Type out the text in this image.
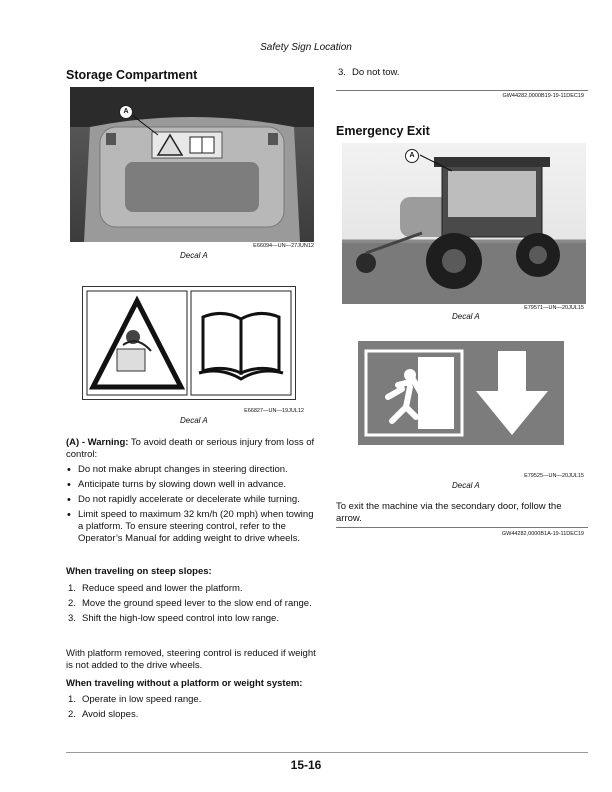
Safety Sign Location
Storage Compartment
A
E66094—UN—27JUN12
Decal A
E66827—UN—19JUL12
Decal A
(A) - Warning: To avoid death or serious injury from loss of control:
• Do not make abrupt changes in steering direction.
• Anticipate turns by slowing down well in advance.
• Do not rapidly accelerate or decelerate while turning.
• Limit speed to maximum 32 km/h (20 mph) when towing a platform. To ensure steering control, refer to the Operator’s Manual for adding weight to drive wheels.
When traveling on steep slopes:
1. Reduce speed and lower the platform.
2. Move the ground speed lever to the slow end of range.
3. Shift the high-low speed control into low range.
With platform removed, steering control is reduced if weight is not added to the drive wheels.
When traveling without a platform or weight system:
1. Operate in low speed range.
2. Avoid slopes.
3. Do not tow.
GW44282,0000B19-19-11DEC19
Emergency Exit
A
E79571—UN—20JUL15
Decal A
E79525—UN—20JUL15
Decal A
To exit the machine via the secondary door, follow the arrow.
GW44282,0000B1A-19-11DEC19
15-16
